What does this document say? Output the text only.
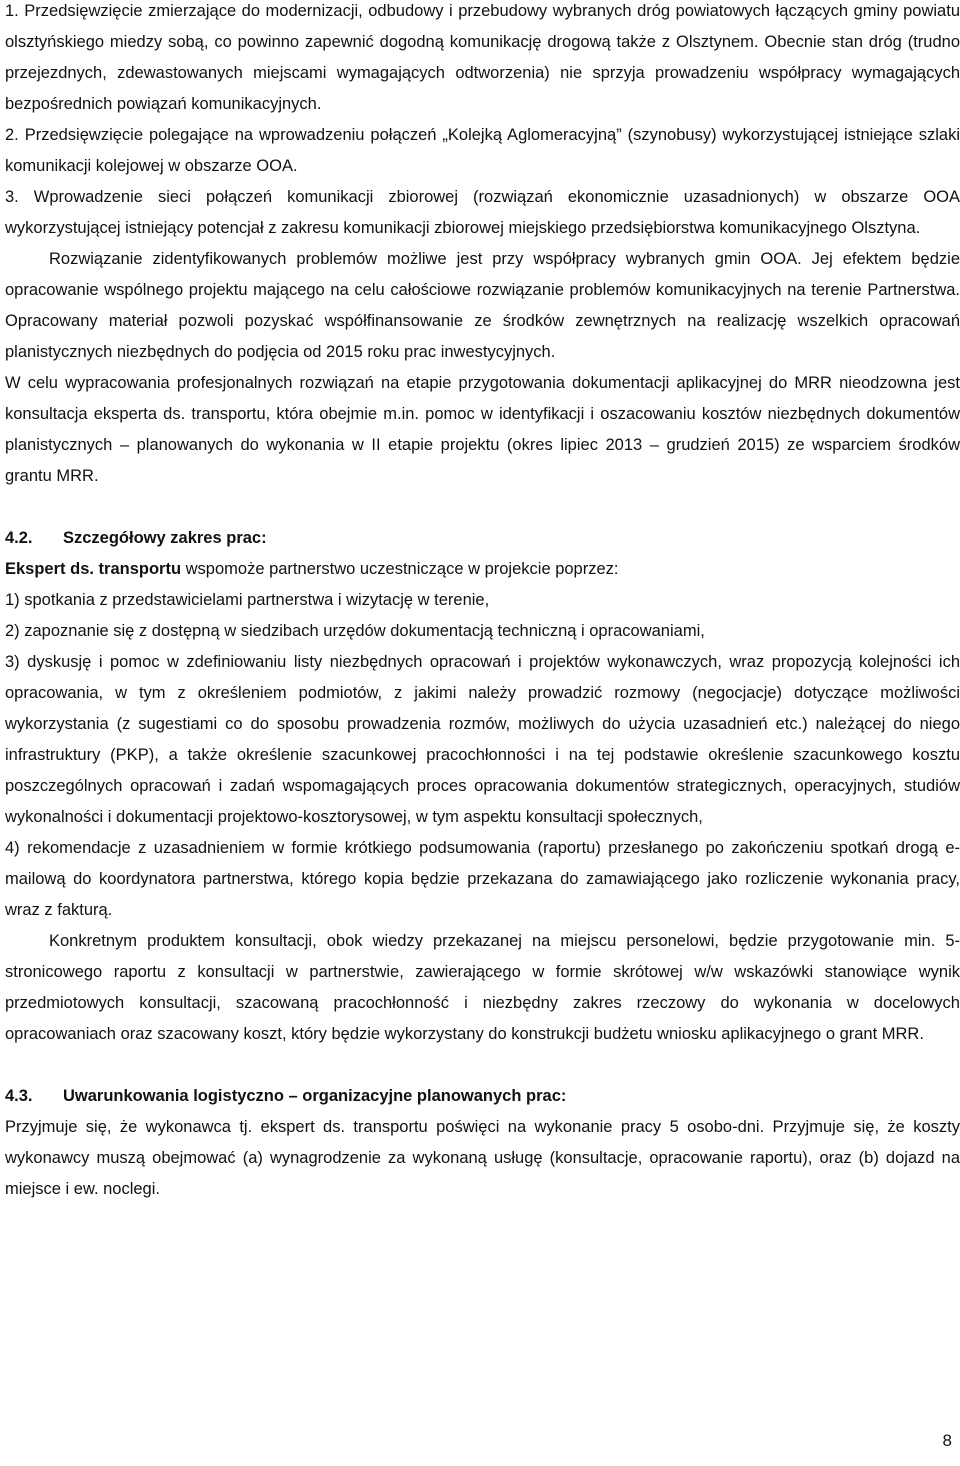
1. Przedsięwzięcie zmierzające do modernizacji, odbudowy i przebudowy wybranych dróg powiatowych łączących gminy powiatu olsztyńskiego miedzy sobą, co powinno zapewnić dogodną komunikację drogową także z Olsztynem. Obecnie stan dróg (trudno przejezdnych, zdewastowanych miejscami wymagających odtworzenia) nie sprzyja prowadzeniu współpracy wymagających bezpośrednich powiązań komunikacyjnych.

2. Przedsięwzięcie polegające na wprowadzeniu połączeń „Kolejką Aglomeracyjną” (szynobusy) wykorzystującej istniejące szlaki komunikacji kolejowej w obszarze OOA.

3. Wprowadzenie sieci połączeń komunikacji zbiorowej (rozwiązań ekonomicznie uzasadnionych) w obszarze OOA wykorzystującej istniejący potencjał z zakresu komunikacji zbiorowej miejskiego przedsiębiorstwa komunikacyjnego Olsztyna.

Rozwiązanie zidentyfikowanych problemów możliwe jest przy współpracy wybranych gmin OOA. Jej efektem będzie opracowanie wspólnego projektu mającego na celu całościowe rozwiązanie problemów komunikacyjnych na terenie Partnerstwa. Opracowany materiał pozwoli pozyskać współfinansowanie ze środków zewnętrznych na realizację wszelkich opracowań planistycznych niezbędnych do podjęcia od 2015 roku prac inwestycyjnych.

W celu wypracowania profesjonalnych rozwiązań na etapie przygotowania dokumentacji aplikacyjnej do MRR nieodzowna jest konsultacja eksperta ds. transportu, która obejmie m.in. pomoc w identyfikacji i oszacowaniu kosztów niezbędnych dokumentów planistycznych – planowanych do wykonania w II etapie projektu (okres lipiec 2013 – grudzień 2015) ze wsparciem środków grantu MRR.

4.2.	Szczegółowy zakres prac:

Ekspert ds. transportu wspomoże partnerstwo uczestniczące w projekcie poprzez:

1) spotkania z przedstawicielami partnerstwa i wizytację w terenie,

2) zapoznanie się z dostępną w siedzibach urzędów dokumentacją techniczną i opracowaniami,

3) dyskusję i pomoc w zdefiniowaniu listy niezbędnych opracowań i projektów wykonawczych, wraz propozycją kolejności ich opracowania, w tym z określeniem podmiotów, z jakimi należy prowadzić rozmowy (negocjacje) dotyczące możliwości wykorzystania (z sugestiami co do sposobu prowadzenia rozmów, możliwych do użycia uzasadnień etc.) należącej do niego infrastruktury (PKP), a także określenie szacunkowej pracochłonności i na tej podstawie określenie szacunkowego kosztu poszczególnych opracowań i zadań wspomagających proces opracowania dokumentów strategicznych, operacyjnych, studiów wykonalności i dokumentacji projektowo-kosztorysowej, w tym aspektu konsultacji społecznych,

4) rekomendacje z uzasadnieniem w formie krótkiego podsumowania (raportu) przesłanego po zakończeniu spotkań drogą e-mailową do koordynatora partnerstwa, którego kopia będzie przekazana do zamawiającego jako rozliczenie wykonania pracy, wraz z fakturą.

Konkretnym produktem konsultacji, obok wiedzy przekazanej na miejscu personelowi, będzie przygotowanie min. 5-stronicowego raportu z konsultacji w partnerstwie, zawierającego w formie skrótowej w/w wskazówki stanowiące wynik przedmiotowych konsultacji, szacowaną pracochłonność i niezbędny zakres rzeczowy do wykonania w docelowych opracowaniach oraz szacowany koszt, który będzie wykorzystany do konstrukcji budżetu wniosku aplikacyjnego o grant MRR.

4.3.	Uwarunkowania logistyczno – organizacyjne planowanych prac:

Przyjmuje się, że wykonawca tj. ekspert ds. transportu poświęci na wykonanie pracy 5 osobo-dni. Przyjmuje się, że koszty wykonawcy muszą obejmować (a) wynagrodzenie za wykonaną usługę (konsultacje, opracowanie raportu), oraz (b) dojazd na miejsce i ew. noclegi.

8
